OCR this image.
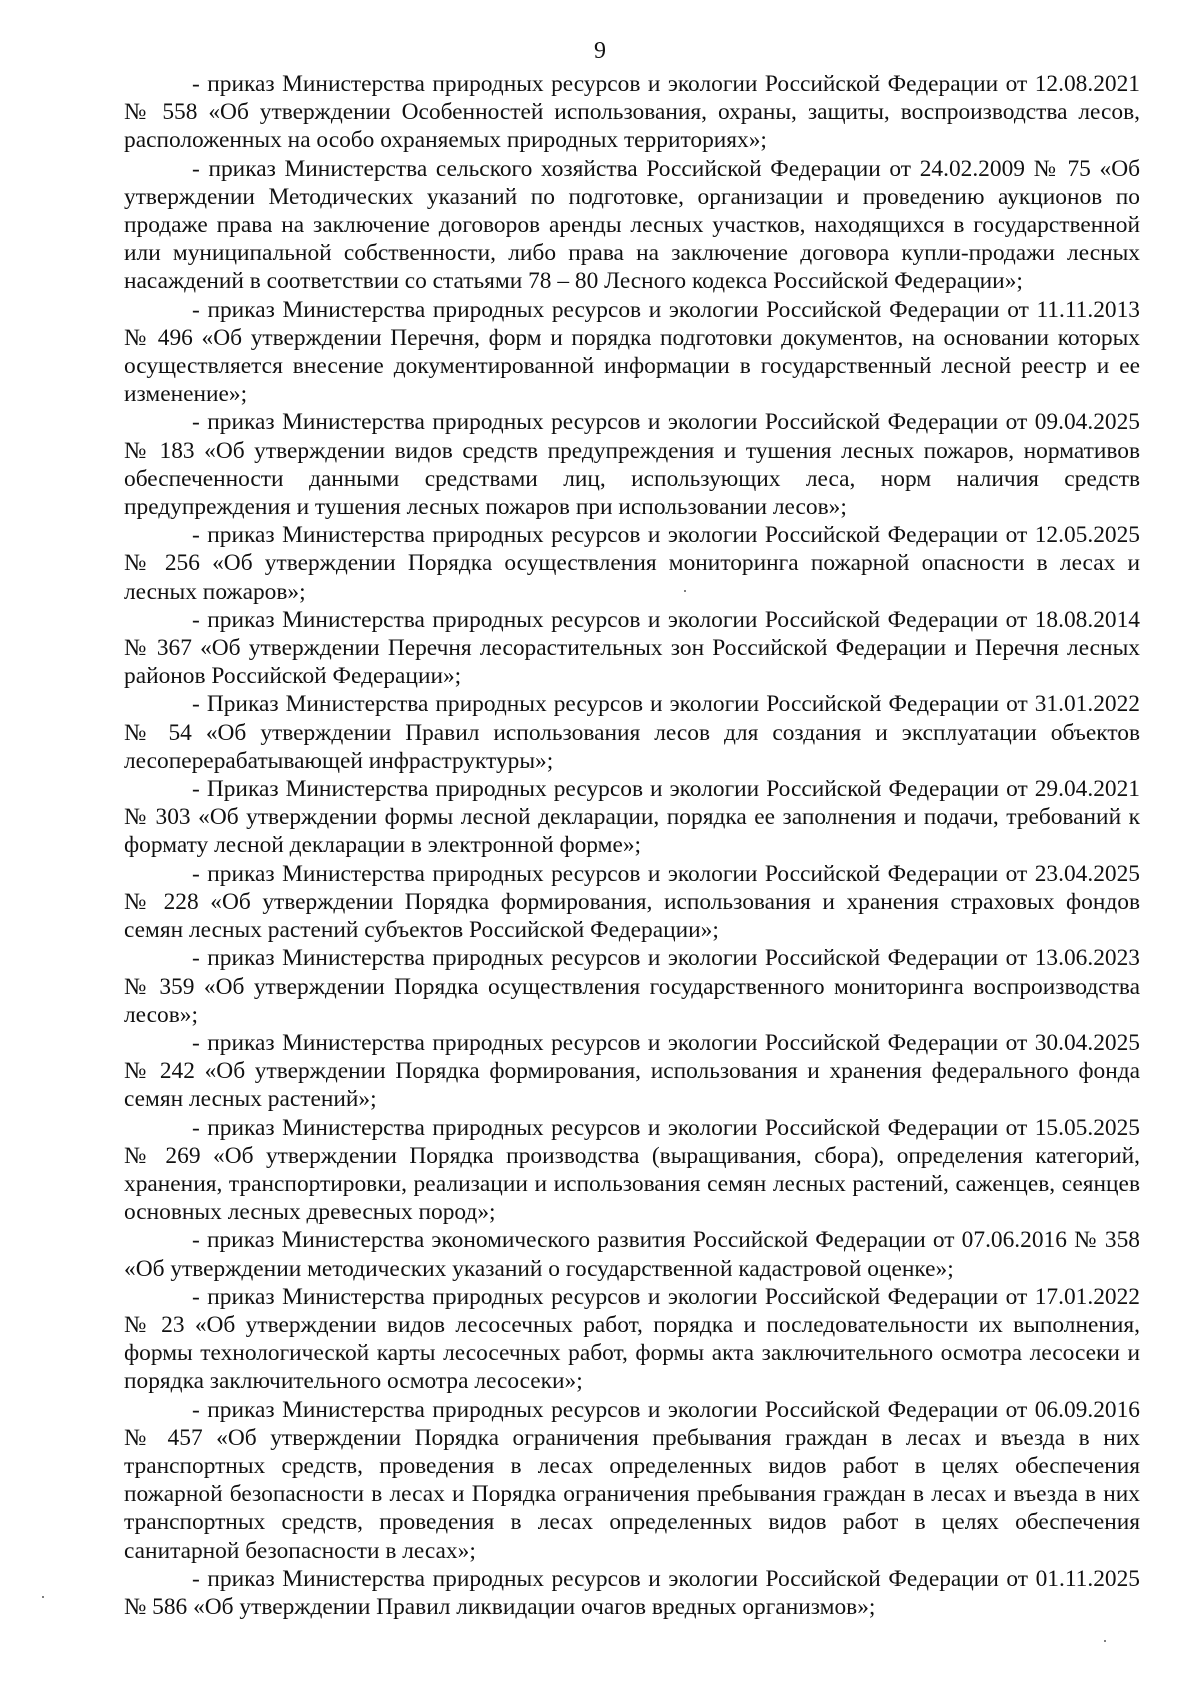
9

- приказ Министерства природных ресурсов и экологии Российской Федерации от 12.08.2021 № 558 «Об утверждении Особенностей использования, охраны, защиты, воспроизводства лесов, расположенных на особо охраняемых природных территориях»;

- приказ Министерства сельского хозяйства Российской Федерации от 24.02.2009 № 75 «Об утверждении Методических указаний по подготовке, организации и проведению аукционов по продаже права на заключение договоров аренды лесных участков, находящихся в государственной или муниципальной собственности, либо права на заключение договора купли-продажи лесных насаждений в соответствии со статьями 78 – 80 Лесного кодекса Российской Федерации»;

- приказ Министерства природных ресурсов и экологии Российской Федерации от 11.11.2013 № 496 «Об утверждении Перечня, форм и порядка подготовки документов, на основании которых осуществляется внесение документированной информации в государственный лесной реестр и ее изменение»;

- приказ Министерства природных ресурсов и экологии Российской Федерации от 09.04.2025 № 183 «Об утверждении видов средств предупреждения и тушения лесных пожаров, нормативов обеспеченности данными средствами лиц, использующих леса, норм наличия средств предупреждения и тушения лесных пожаров при использовании лесов»;

- приказ Министерства природных ресурсов и экологии Российской Федерации от 12.05.2025 № 256 «Об утверждении Порядка осуществления мониторинга пожарной опасности в лесах и лесных пожаров»;

- приказ Министерства природных ресурсов и экологии Российской Федерации от 18.08.2014 № 367 «Об утверждении Перечня лесорастительных зон Российской Федерации и Перечня лесных районов Российской Федерации»;

- Приказ Министерства природных ресурсов и экологии Российской Федерации от 31.01.2022 № 54 «Об утверждении Правил использования лесов для создания и эксплуатации объектов лесоперерабатывающей инфраструктуры»;

- Приказ Министерства природных ресурсов и экологии Российской Федерации от 29.04.2021 № 303 «Об утверждении формы лесной декларации, порядка ее заполнения и подачи, требований к формату лесной декларации в электронной форме»;

- приказ Министерства природных ресурсов и экологии Российской Федерации от 23.04.2025 № 228 «Об утверждении Порядка формирования, использования и хранения страховых фондов семян лесных растений субъектов Российской Федерации»;

- приказ Министерства природных ресурсов и экологии Российской Федерации от 13.06.2023 № 359 «Об утверждении Порядка осуществления государственного мониторинга воспроизводства лесов»;

- приказ Министерства природных ресурсов и экологии Российской Федерации от 30.04.2025 № 242 «Об утверждении Порядка формирования, использования и хранения федерального фонда семян лесных растений»;

- приказ Министерства природных ресурсов и экологии Российской Федерации от 15.05.2025 № 269 «Об утверждении Порядка производства (выращивания, сбора), определения категорий, хранения, транспортировки, реализации и использования семян лесных растений, саженцев, сеянцев основных лесных древесных пород»;

- приказ Министерства экономического развития Российской Федерации от 07.06.2016 № 358 «Об утверждении методических указаний о государственной кадастровой оценке»;

- приказ Министерства природных ресурсов и экологии Российской Федерации от 17.01.2022 № 23 «Об утверждении видов лесосечных работ, порядка и последовательности их выполнения, формы технологической карты лесосечных работ, формы акта заключительного осмотра лесосеки и порядка заключительного осмотра лесосеки»;

- приказ Министерства природных ресурсов и экологии Российской Федерации от 06.09.2016 № 457 «Об утверждении Порядка ограничения пребывания граждан в лесах и въезда в них транспортных средств, проведения в лесах определенных видов работ в целях обеспечения пожарной безопасности в лесах и Порядка ограничения пребывания граждан в лесах и въезда в них транспортных средств, проведения в лесах определенных видов работ в целях обеспечения санитарной безопасности в лесах»;

- приказ Министерства природных ресурсов и экологии Российской Федерации от 01.11.2025 № 586 «Об утверждении Правил ликвидации очагов вредных организмов»;
